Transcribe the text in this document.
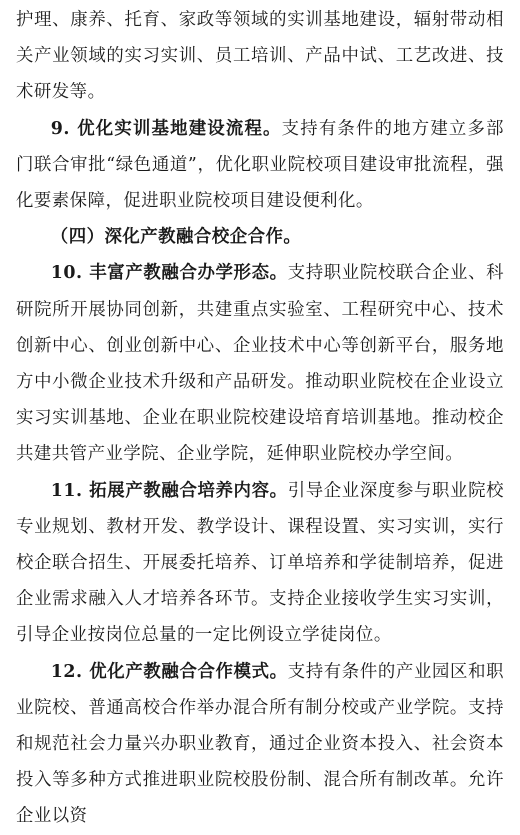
护理、康养、托育、家政等领域的实训基地建设，辐射带动相关产业领域的实习实训、员工培训、产品中试、工艺改进、技术研发等。

9. 优化实训基地建设流程。支持有条件的地方建立多部门联合审批“绿色通道”，优化职业院校项目建设审批流程，强化要素保障，促进职业院校项目建设便利化。

（四）深化产教融合校企合作。

10. 丰富产教融合办学形态。支持职业院校联合企业、科研院所开展协同创新，共建重点实验室、工程研究中心、技术创新中心、创业创新中心、企业技术中心等创新平台，服务地方中小微企业技术升级和产品研发。推动职业院校在企业设立实习实训基地、企业在职业院校建设培育培训基地。推动校企共建共管产业学院、企业学院，延伸职业院校办学空间。

11. 拓展产教融合培养内容。引导企业深度参与职业院校专业规划、教材开发、教学设计、课程设置、实习实训，实行校企联合招生、开展委托培养、订单培养和学徒制培养，促进企业需求融入人才培养各环节。支持企业接收学生实习实训，引导企业按岗位总量的一定比例设立学徒岗位。

12. 优化产教融合合作模式。支持有条件的产业园区和职业院校、普通高校合作举办混合所有制分校或产业学院。支持和规范社会力量兴办职业教育，通过企业资本投入、社会资本投入等多种方式推进职业院校股份制、混合所有制改革。允许企业以资
